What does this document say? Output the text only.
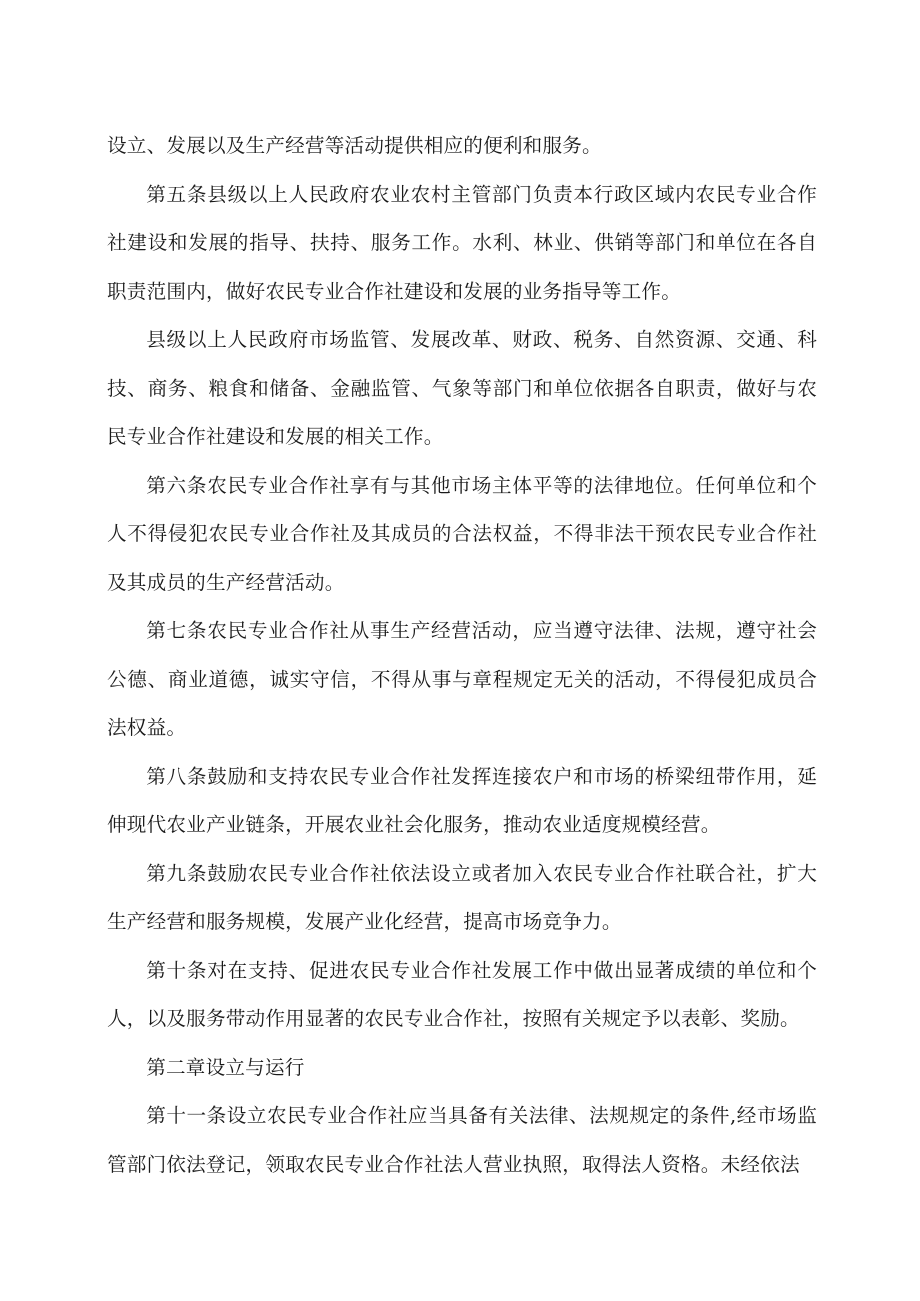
设立、发展以及生产经营等活动提供相应的便利和服务。

第五条县级以上人民政府农业农村主管部门负责本行政区域内农民专业合作社建设和发展的指导、扶持、服务工作。水利、林业、供销等部门和单位在各自职责范围内，做好农民专业合作社建设和发展的业务指导等工作。

县级以上人民政府市场监管、发展改革、财政、税务、自然资源、交通、科技、商务、粮食和储备、金融监管、气象等部门和单位依据各自职责，做好与农民专业合作社建设和发展的相关工作。

第六条农民专业合作社享有与其他市场主体平等的法律地位。任何单位和个人不得侵犯农民专业合作社及其成员的合法权益，不得非法干预农民专业合作社及其成员的生产经营活动。

第七条农民专业合作社从事生产经营活动，应当遵守法律、法规，遵守社会公德、商业道德，诚实守信，不得从事与章程规定无关的活动，不得侵犯成员合法权益。

第八条鼓励和支持农民专业合作社发挥连接农户和市场的桥梁纽带作用，延伸现代农业产业链条，开展农业社会化服务，推动农业适度规模经营。

第九条鼓励农民专业合作社依法设立或者加入农民专业合作社联合社，扩大生产经营和服务规模，发展产业化经营，提高市场竞争力。

第十条对在支持、促进农民专业合作社发展工作中做出显著成绩的单位和个人，以及服务带动作用显著的农民专业合作社，按照有关规定予以表彰、奖励。

第二章设立与运行

第十一条设立农民专业合作社应当具备有关法律、法规规定的条件,经市场监管部门依法登记，领取农民专业合作社法人营业执照，取得法人资格。未经依法
